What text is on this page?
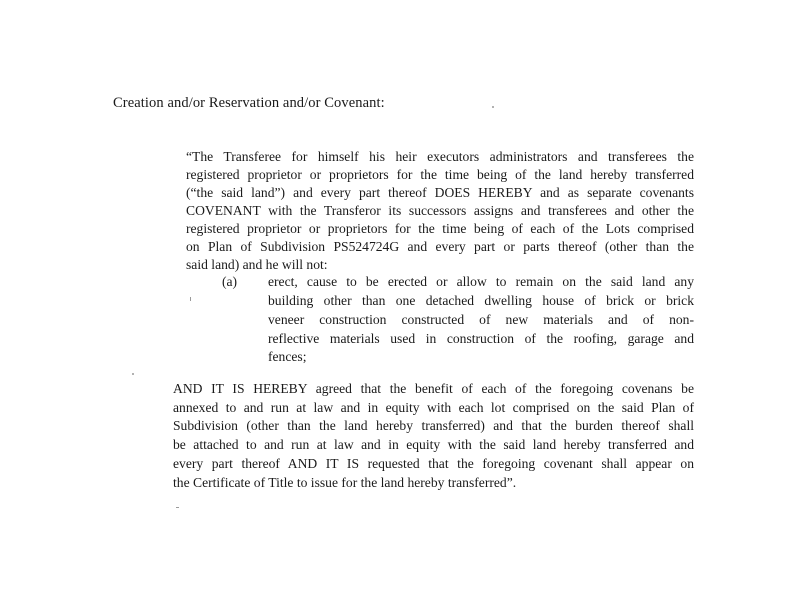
Creation and/or Reservation and/or Covenant:
“The Transferee for himself his heir executors administrators and transferees the
registered proprietor or proprietors for the time being of the land hereby transferred
(“the said land”) and every part thereof DOES HEREBY and as separate covenants
COVENANT with the Transferor its successors assigns and transferees and other the
registered proprietor or proprietors for the time being of each of the Lots comprised
on Plan of Subdivision PS524724G and every part or parts thereof (other than the
said land) and he will not:
(a) erect, cause to be erected or allow to remain on the said land any
building other than one detached dwelling house of brick or brick
veneer construction constructed of new materials and of non-
reflective materials used in construction of the roofing, garage and
fences;
AND IT IS HEREBY agreed that the benefit of each of the foregoing covenans be
annexed to and run at law and in equity with each lot comprised on the said Plan of
Subdivision (other than the land hereby transferred) and that the burden thereof shall
be attached to and run at law and in equity with the said land hereby transferred and
every part thereof AND IT IS requested that the foregoing covenant shall appear on
the Certificate of Title to issue for the land hereby transferred”.
